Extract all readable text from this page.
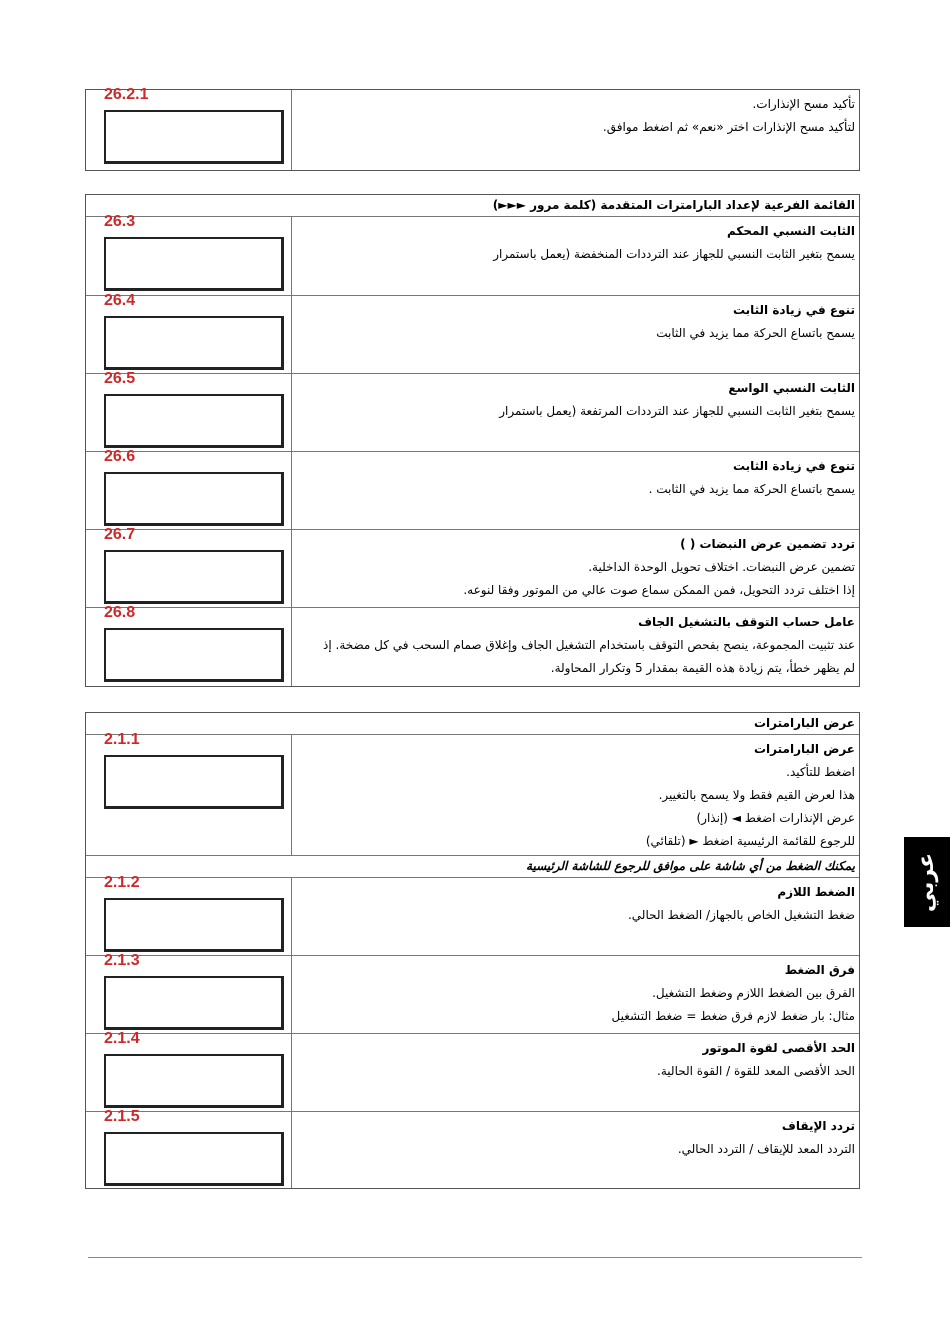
26.2.1

تأكيد مسح الإنذارات.
لتأكيد مسح الإنذارات اختر «نعم» ثم اضغط موافق.
القائمة الفرعية لإعداد البارامترات المتقدمة (كلمة مرور ►►►)
26.3

الثابت النسبي المحكم
يسمح بتغير الثابت النسبي للجهاز عند الترددات المنخفضة (يعمل باستمرار
26.4

تنوع في زيادة الثابت
يسمح باتساع الحركة مما يزيد في الثابت
26.5

الثابت النسبي الواسع
يسمح بتغير الثابت النسبي للجهاز عند الترددات المرتفعة (يعمل باستمرار
26.6

تنوع في زيادة الثابت
يسمح باتساع الحركة مما يزيد في الثابت .
26.7

تردد تضمين عرض النبضات ( )
تضمين عرض النبضات. اختلاف تحويل الوحدة الداخلية.
إذا اختلف تردد التحويل، فمن الممكن سماع صوت عالي من الموتور وفقا لنوعه.
26.8

عامل حساب التوقف بالتشغيل الجاف
عند تثبيت المجموعة، ينصح بفحص التوقف باستخدام التشغيل الجاف وإغلاق صمام السحب في كل مضخة. إذ
لم يظهر خطأ، يتم زيادة هذه القيمة بمقدار 5 وتكرار المحاولة.
عرض البارامترات
2.1.1

عرض البارامترات
اضغط للتأكيد.
هذا لعرض القيم فقط ولا يسمح بالتغيير.
عرض الإنذارات اضغط ◄ (إنذار)
للرجوع للقائمة الرئيسية اضغط ► (تلقائي)
يمكنك الضغط من أي شاشة على موافق للرجوع للشاشة الرئيسية
2.1.2

الضغط اللازم
ضغط التشغيل الخاص بالجهاز/ الضغط الحالي.
2.1.3

فرق الضغط
الفرق بين الضغط اللازم وضغط التشغيل.
مثال: بار ضغط لازم فرق ضغط = ضغط التشغيل
2.1.4

الحد الأقصى لقوة الموتور
الحد الأقصى المعد للقوة / القوة الحالية.
2.1.5

تردد الإيقاف
التردد المعد للإيقاف / التردد الحالي.
عربي
